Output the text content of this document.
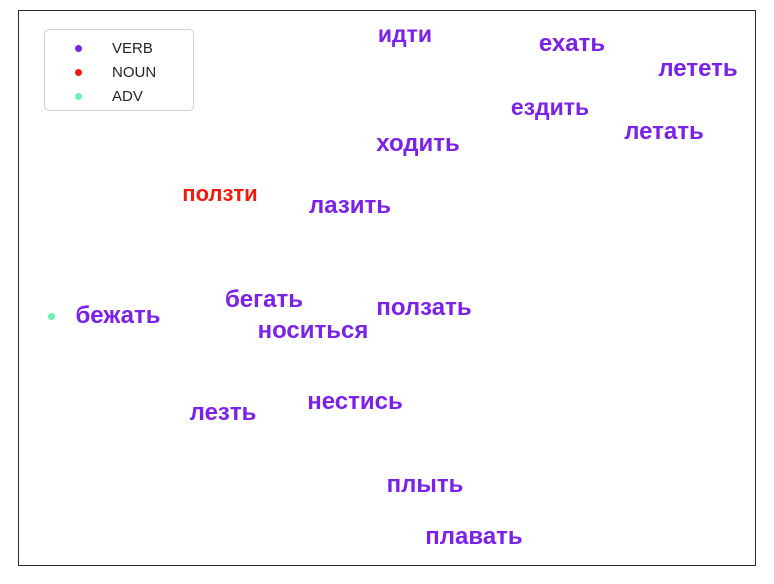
идти	ехать
лететь
ездить
летать
ходить
ползти лазить
бегать
бежать	ползать
носиться
нестись
лезть
плыть
плавать
VERB
NOUN
ADV
